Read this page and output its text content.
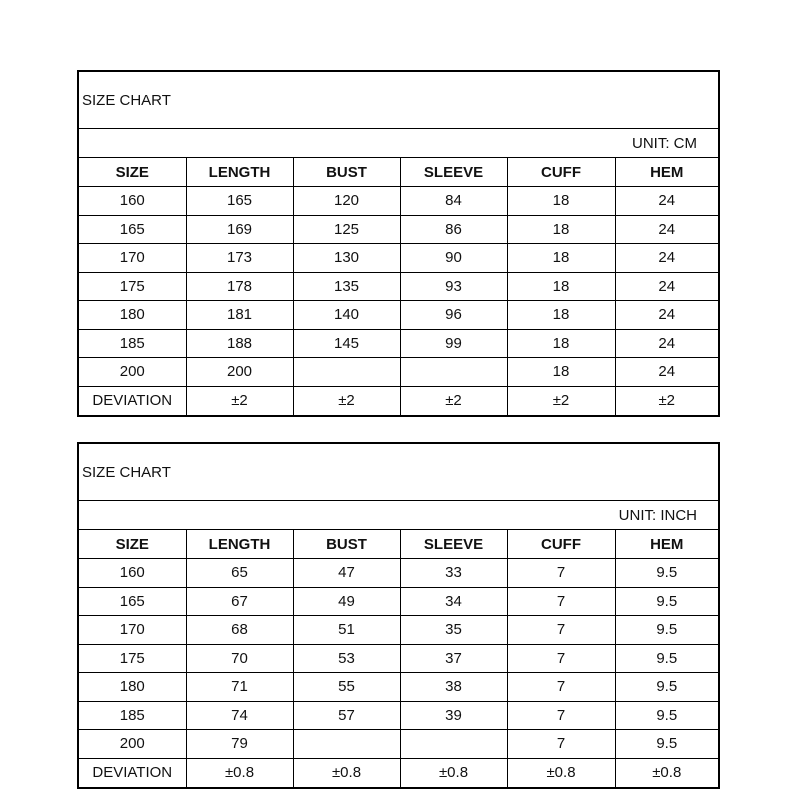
SIZE CHART
UNIT: CM
SIZE	LENGTH	BUST	SLEEVE	CUFF	HEM
160	165	120	84	18	24
165	169	125	86	18	24
170	173	130	90	18	24
175	178	135	93	18	24
180	181	140	96	18	24
185	188	145	99	18	24
200	200			18	24
DEVIATION	±2	±2	±2	±2	±2
SIZE CHART
UNIT: INCH
SIZE	LENGTH	BUST	SLEEVE	CUFF	HEM
160	65	47	33	7	9.5
165	67	49	34	7	9.5
170	68	51	35	7	9.5
175	70	53	37	7	9.5
180	71	55	38	7	9.5
185	74	57	39	7	9.5
200	79			7	9.5
DEVIATION	±0.8	±0.8	±0.8	±0.8	±0.8
